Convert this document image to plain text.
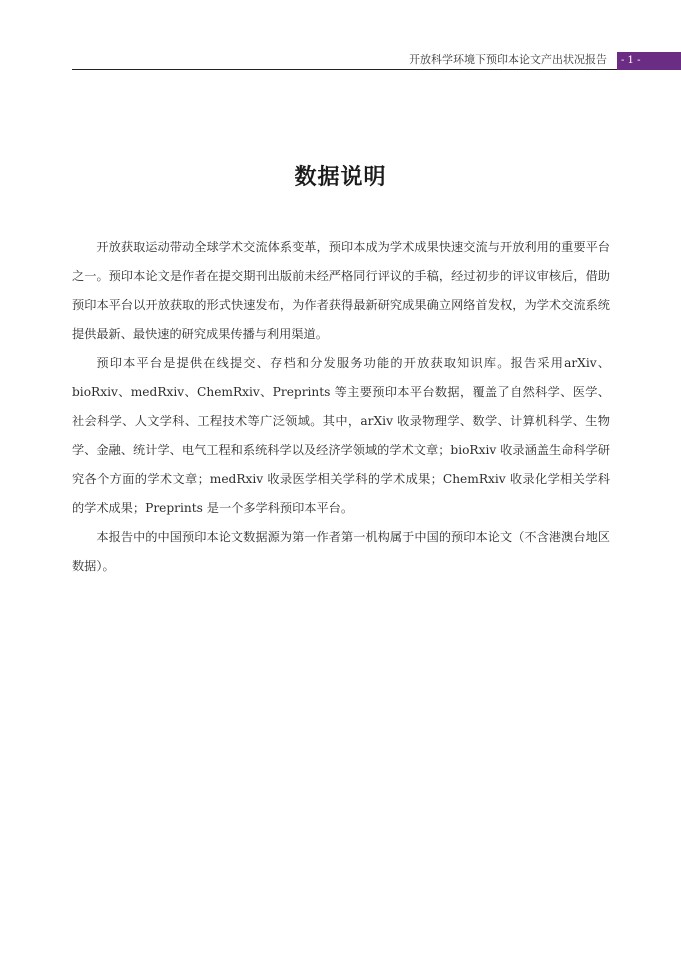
开放科学环境下预印本论文产出状况报告	- 1 -
数据说明

开放获取运动带动全球学术交流体系变革，预印本成为学术成果快速交流与开放利用的重要平台之一。预印本论文是作者在提交期刊出版前未经严格同行评议的手稿，经过初步的评议审核后，借助预印本平台以开放获取的形式快速发布，为作者获得最新研究成果确立网络首发权，为学术交流系统提供最新、最快速的研究成果传播与利用渠道。

预印本平台是提供在线提交、存档和分发服务功能的开放获取知识库。报告采用arXiv、bioRxiv、medRxiv、ChemRxiv、Preprints 等主要预印本平台数据，覆盖了自然科学、医学、社会科学、人文学科、工程技术等广泛领域。其中，arXiv 收录物理学、数学、计算机科学、生物学、金融、统计学、电气工程和系统科学以及经济学领域的学术文章；bioRxiv 收录涵盖生命科学研究各个方面的学术文章；medRxiv 收录医学相关学科的学术成果；ChemRxiv 收录化学相关学科的学术成果；Preprints 是一个多学科预印本平台。

本报告中的中国预印本论文数据源为第一作者第一机构属于中国的预印本论文（不含港澳台地区数据）。
